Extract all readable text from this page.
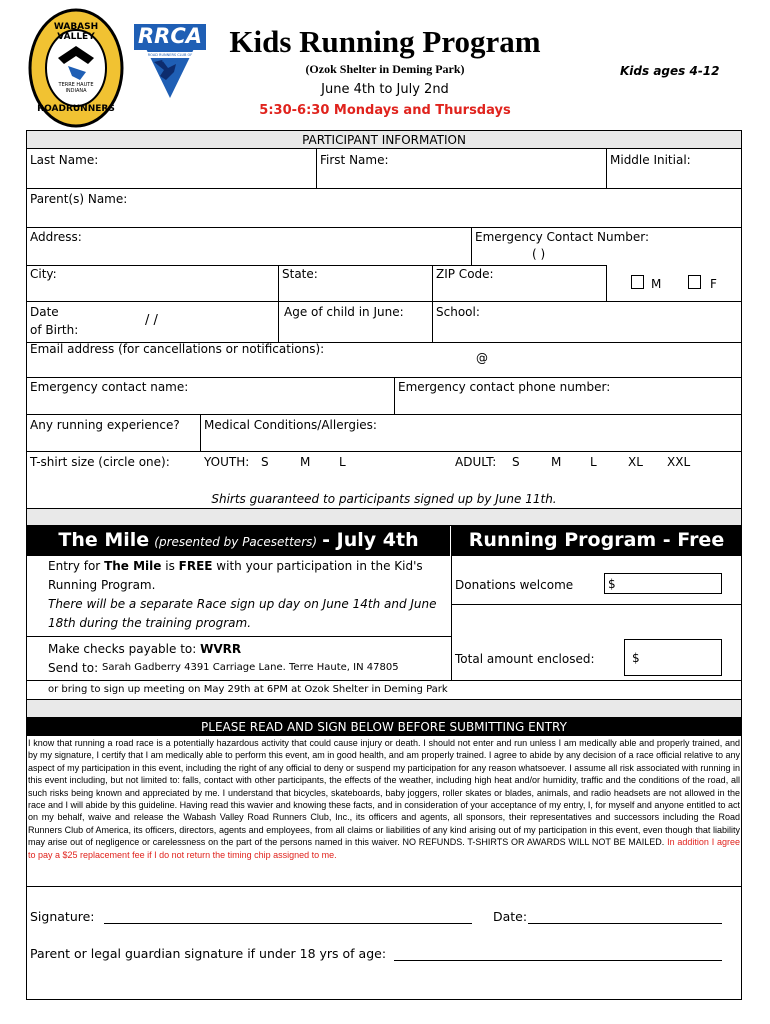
WABASH VALLEY
TERRE HAUTE INDIANA
ROADRUNNERS
RRCA
ROAD RUNNERS CLUB OF AMERICA
Kids Running Program
(Ozok Shelter in Deming Park)	Kids ages 4-12
June 4th to July 2nd
5:30-6:30 Mondays and Thursdays
PARTICIPANT INFORMATION
Last Name:	First Name:	Middle Initial:
Parent(s) Name:
Address:	Emergency Contact Number:
( )
City:	State:	ZIP Code:
M	F
Date
of Birth:
/ /
Age of child in June:	School:
Email address (for cancellations or notifications):
@
Emergency contact name:	Emergency contact phone number:
Any running experience? Medical Conditions/Allergies:
T-shirt size (circle one):	YOUTH: S	M L	ADULT: S	M L	XL XXL
Shirts guaranteed to participants signed up by June 11th.
The Mile (presented by Pacesetters) - July 4th	Running Program - Free
Entry for The Mile is FREE with your participation in the Kid's
Running Program.
There will be a separate Race sign up day on June 14th and June
18th during the training program.
Donations welcome	$
Make checks payable to: WVRR
Send to: Sarah Gadberry 4391 Carriage Lane. Terre Haute, IN 47805
Total amount enclosed:	$
or bring to sign up meeting on May 29th at 6PM at Ozok Shelter in Deming Park
PLEASE READ AND SIGN BELOW BEFORE SUBMITTING ENTRY
I know that running a road race is a potentially hazardous activity that could cause injury or death. I should not enter and run unless I am medically able and properly trained, and by my signature, I certify that I am medically able to perform this event, am in good health, and am properly trained. I agree to abide by any decision of a race official relative to any aspect of my participation in this event, including the right of any official to deny or suspend my participation for any reason whatsoever. I assume all risk associated with running in this event including, but not limited to: falls, contact with other participants, the effects of the weather, including high heat and/or humidity, traffic and the conditions of the road, all such risks being known and appreciated by me. I understand that bicycles, skateboards, baby joggers, roller skates or blades, animals, and radio headsets are not allowed in the race and I will abide by this guideline. Having read this wavier and knowing these facts, and in consideration of your acceptance of my entry, I, for myself and anyone entitled to act on my behalf, waive and release the Wabash Valley Road Runners Club, Inc., its officers and agents, all sponsors, their representatives and successors including the Road Runners Club of America, its officers, directors, agents and employees, from all claims or liabilities of any kind arising out of my participation in this event, even though that liability may arise out of negligence or carelessness on the part of the persons named in this waiver. NO REFUNDS. T-SHIRTS OR AWARDS WILL NOT BE MAILED. In addition I agree to pay a $25 replacement fee if I do not return the timing chip assigned to me.
Signature:	Date:
Parent or legal guardian signature if under 18 yrs of age:
